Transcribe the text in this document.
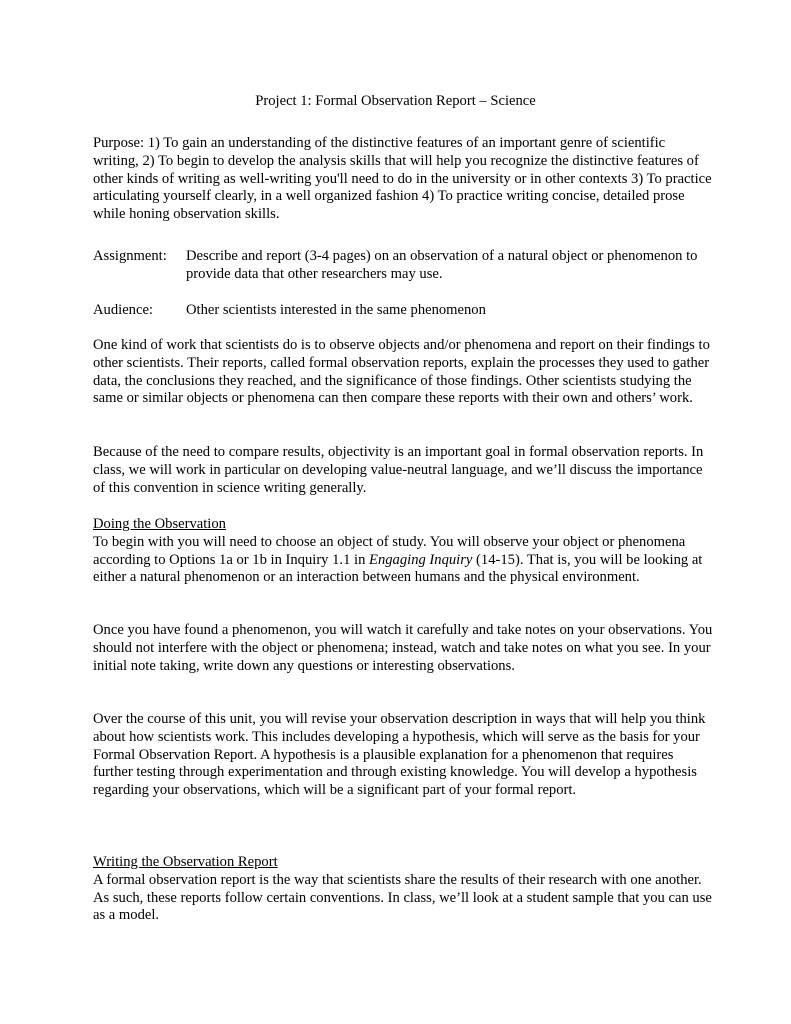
Project 1: Formal Observation Report – Science

Purpose: 1) To gain an understanding of the distinctive features of an important genre of scientific writing, 2) To begin to develop the analysis skills that will help you recognize the distinctive features of other kinds of writing as well-writing you'll need to do in the university or in other contexts 3) To practice articulating yourself clearly, in a well organized fashion 4) To practice writing concise, detailed prose while honing observation skills.

Assignment:	Describe and report (3-4 pages) on an observation of a natural object or phenomenon to provide data that other researchers may use.
Audience:	Other scientists interested in the same phenomenon

One kind of work that scientists do is to observe objects and/or phenomena and report on their findings to other scientists. Their reports, called formal observation reports, explain the processes they used to gather data, the conclusions they reached, and the significance of those findings. Other scientists studying the same or similar objects or phenomena can then compare these reports with their own and others’ work.

Because of the need to compare results, objectivity is an important goal in formal observation reports. In class, we will work in particular on developing value-neutral language, and we’ll discuss the importance of this convention in science writing generally.

Doing the Observation
To begin with you will need to choose an object of study. You will observe your object or phenomena according to Options 1a or 1b in Inquiry 1.1 in Engaging Inquiry (14-15). That is, you will be looking at either a natural phenomenon or an interaction between humans and the physical environment.

Once you have found a phenomenon, you will watch it carefully and take notes on your observations. You should not interfere with the object or phenomena; instead, watch and take notes on what you see. In your initial note taking, write down any questions or interesting observations.

Over the course of this unit, you will revise your observation description in ways that will help you think about how scientists work. This includes developing a hypothesis, which will serve as the basis for your Formal Observation Report. A hypothesis is a plausible explanation for a phenomenon that requires further testing through experimentation and through existing knowledge. You will develop a hypothesis regarding your observations, which will be a significant part of your formal report.

Writing the Observation Report
A formal observation report is the way that scientists share the results of their research with one another. As such, these reports follow certain conventions. In class, we’ll look at a student sample that you can use as a model.
